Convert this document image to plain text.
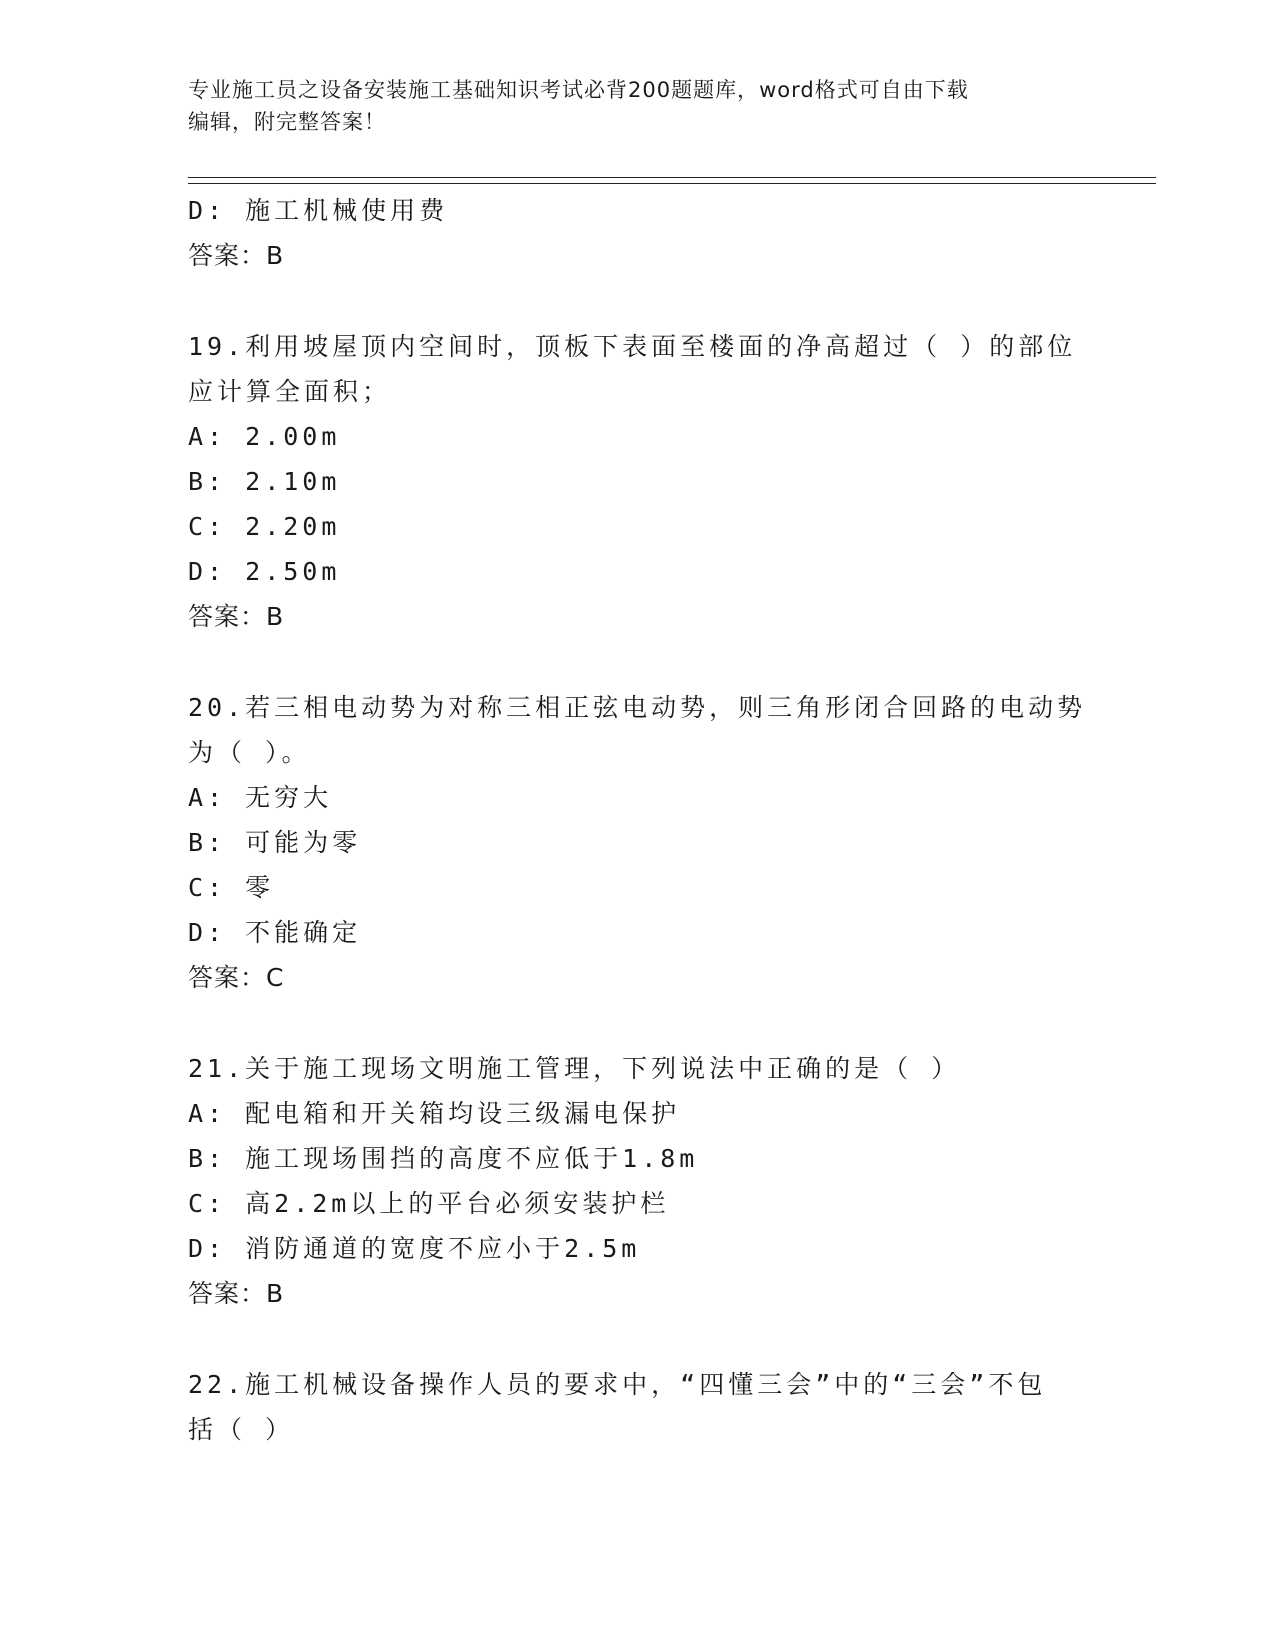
专业施工员之设备安装施工基础知识考试必背200题题库，word格式可自由下载
编辑，附完整答案！
D: 施工机械使用费
答案：B
19.利用坡屋顶内空间时，顶板下表面至楼面的净高超过（ ）的部位
应计算全面积；
A: 2.00m
B: 2.10m
C: 2.20m
D: 2.50m
答案：B
20.若三相电动势为对称三相正弦电动势，则三角形闭合回路的电动势
为（ ）。
A: 无穷大
B: 可能为零
C: 零
D: 不能确定
答案：C
21.关于施工现场文明施工管理，下列说法中正确的是（ ）
A: 配电箱和开关箱均设三级漏电保护
B: 施工现场围挡的高度不应低于1.8m
C: 高2.2m以上的平台必须安装护栏
D: 消防通道的宽度不应小于2.5m
答案：B
22.施工机械设备操作人员的要求中，“四懂三会”中的“三会”不包
括（ ）
